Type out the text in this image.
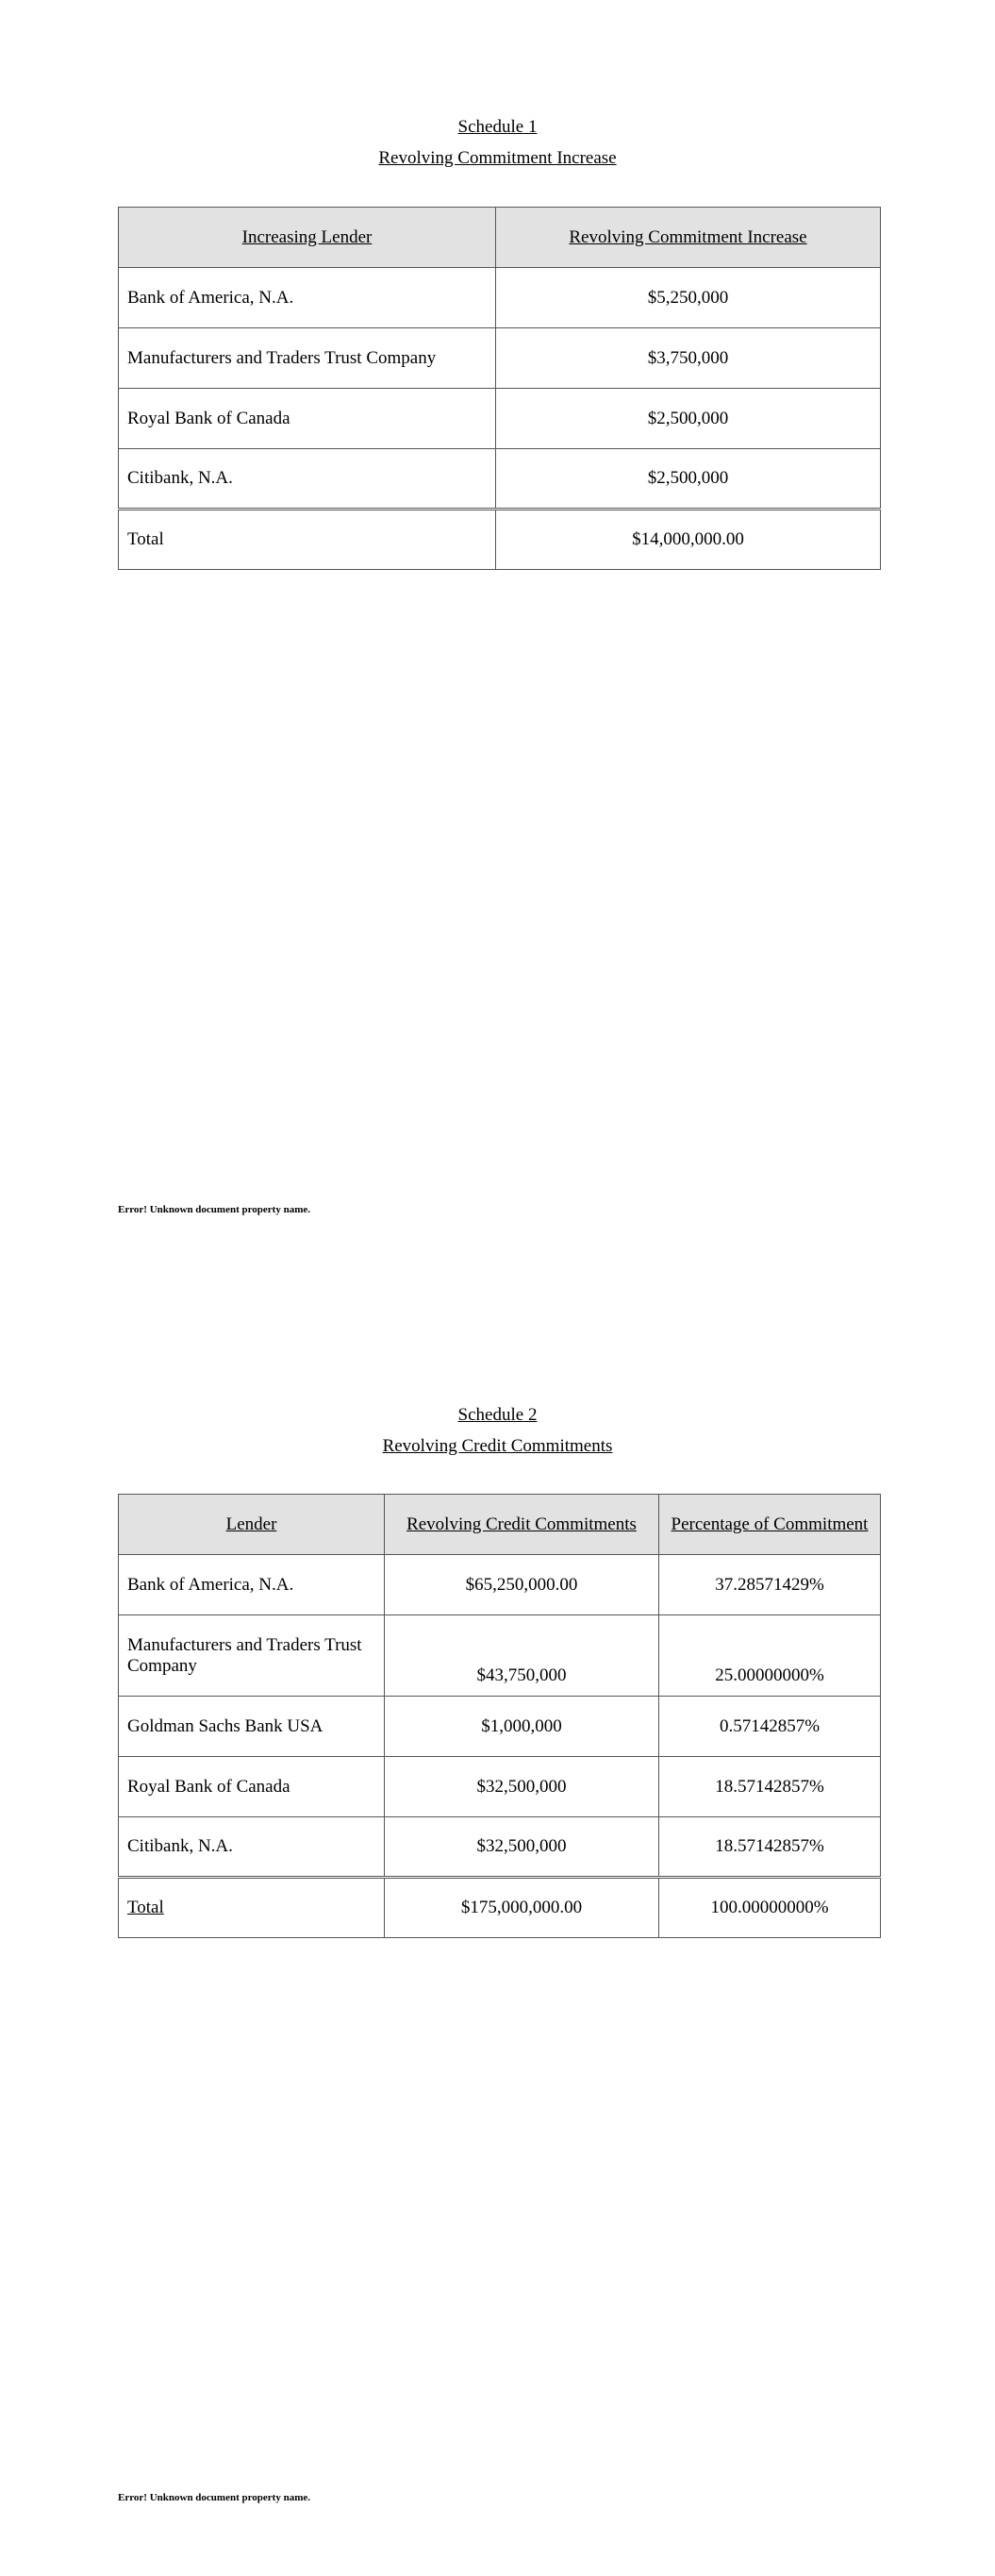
Schedule 1
Revolving Commitment Increase
Increasing Lender	Revolving Commitment Increase
Bank of America, N.A.	$5,250,000
Manufacturers and Traders Trust Company	$3,750,000
Royal Bank of Canada	$2,500,000
Citibank, N.A.	$2,500,000
Total	$14,000,000.00
Error! Unknown document property name.
Schedule 2
Revolving Credit Commitments
Lender	Revolving Credit Commitments	Percentage of Commitment
Bank of America, N.A.	$65,250,000.00	37.28571429%
Manufacturers and Traders Trust Company	$43,750,000	25.00000000%
Goldman Sachs Bank USA	$1,000,000	0.57142857%
Royal Bank of Canada	$32,500,000	18.57142857%
Citibank, N.A.	$32,500,000	18.57142857%
Total	$175,000,000.00	100.00000000%
Error! Unknown document property name.
